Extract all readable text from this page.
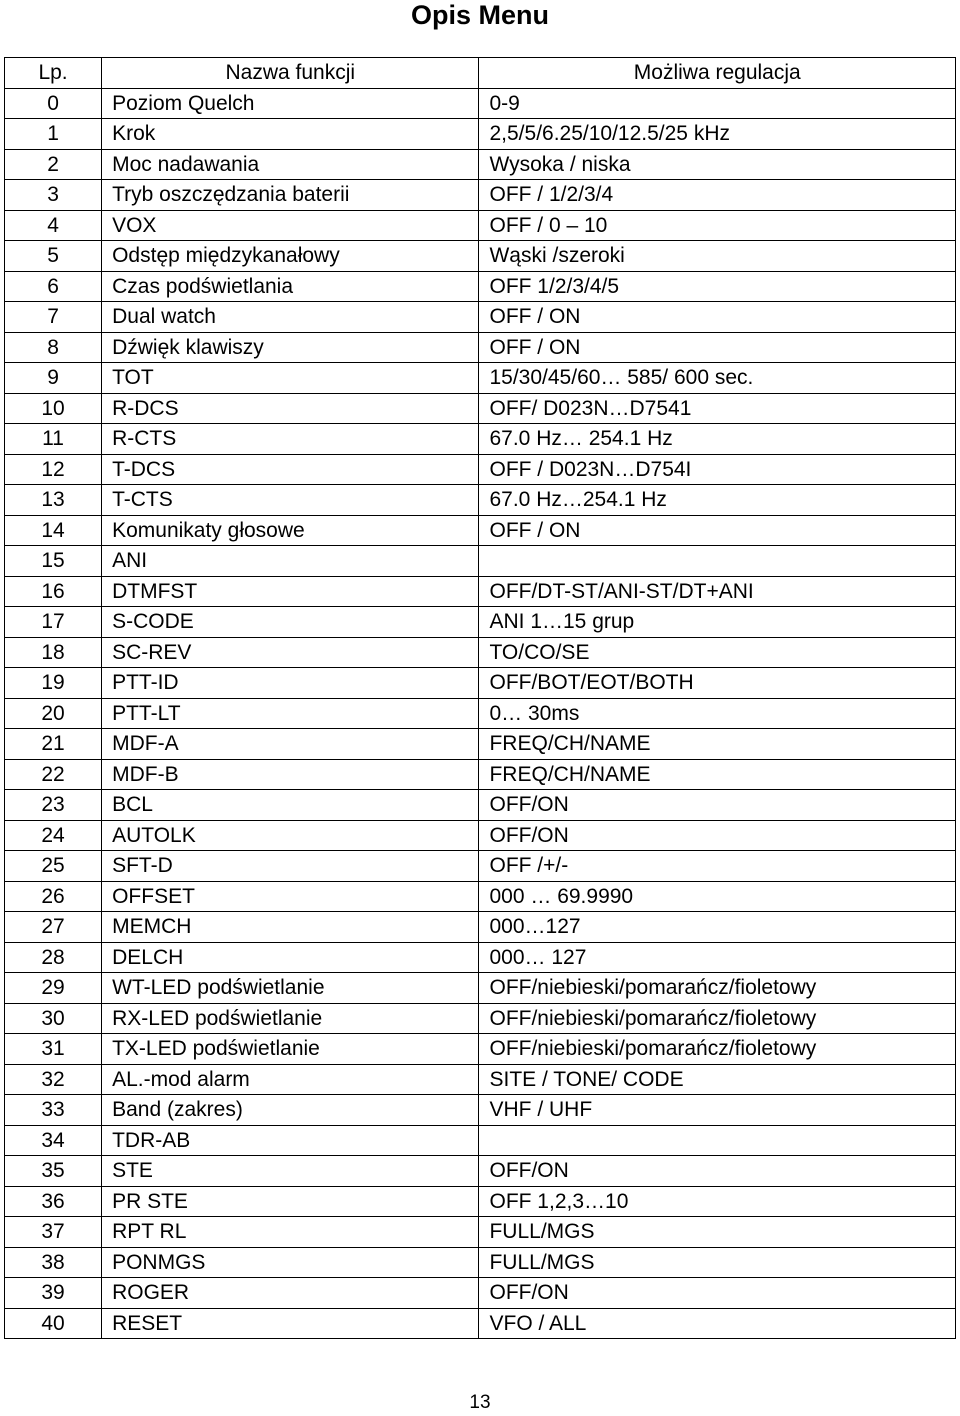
Opis Menu
Lp.	Nazwa funkcji	Możliwa regulacja
0	Poziom Quelch	0-9
1	Krok	2,5/5/6.25/10/12.5/25 kHz
2	Moc nadawania	Wysoka / niska
3	Tryb oszczędzania baterii	OFF / 1/2/3/4
4	VOX	OFF / 0 – 10
5	Odstęp międzykanałowy	Wąski /szeroki
6	Czas podświetlania	OFF 1/2/3/4/5
7	Dual watch	OFF / ON
8	Dźwięk klawiszy	OFF / ON
9	TOT	15/30/45/60… 585/ 600 sec.
10	R-DCS	OFF/ D023N…D7541
11	R-CTS	67.0 Hz… 254.1 Hz
12	T-DCS	OFF / D023N…D754I
13	T-CTS	67.0 Hz…254.1 Hz
14	Komunikaty głosowe	OFF / ON
15	ANI	
16	DTMFST	OFF/DT-ST/ANI-ST/DT+ANI
17	S-CODE	ANI 1…15 grup
18	SC-REV	TO/CO/SE
19	PTT-ID	OFF/BOT/EOT/BOTH
20	PTT-LT	0… 30ms
21	MDF-A	FREQ/CH/NAME
22	MDF-B	FREQ/CH/NAME
23	BCL	OFF/ON
24	AUTOLK	OFF/ON
25	SFT-D	OFF /+/-
26	OFFSET	000 … 69.9990
27	MEMCH	000…127
28	DELCH	000… 127
29	WT-LED podświetlanie	OFF/niebieski/pomarańcz/fioletowy
30	RX-LED podświetlanie	OFF/niebieski/pomarańcz/fioletowy
31	TX-LED podświetlanie	OFF/niebieski/pomarańcz/fioletowy
32	AL.-mod alarm	SITE / TONE/ CODE
33	Band (zakres)	VHF / UHF
34	TDR-AB	
35	STE	OFF/ON
36	PR STE	OFF 1,2,3…10
37	RPT RL	FULL/MGS
38	PONMGS	FULL/MGS
39	ROGER	OFF/ON
40	RESET	VFO / ALL
13
